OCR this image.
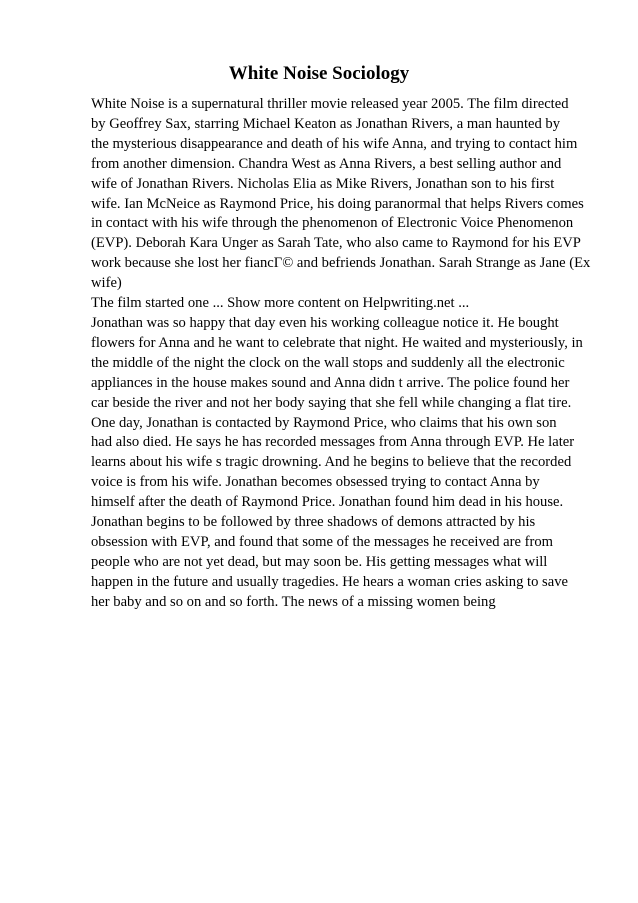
White Noise Sociology
White Noise is a supernatural thriller movie released year 2005. The film directed
by Geoffrey Sax, starring Michael Keaton as Jonathan Rivers, a man haunted by
the mysterious disappearance and death of his wife Anna, and trying to contact him
from another dimension. Chandra West as Anna Rivers, a best selling author and
wife of Jonathan Rivers. Nicholas Elia as Mike Rivers, Jonathan son to his first
wife. Ian McNeice as Raymond Price, his doing paranormal that helps Rivers comes
in contact with his wife through the phenomenon of Electronic Voice Phenomenon
(EVP). Deborah Kara Unger as Sarah Tate, who also came to Raymond for his EVP
work because she lost her fiancГ© and befriends Jonathan. Sarah Strange as Jane (Ex
wife)
The film started one ... Show more content on Helpwriting.net ...
Jonathan was so happy that day even his working colleague notice it. He bought
flowers for Anna and he want to celebrate that night. He waited and mysteriously, in
the middle of the night the clock on the wall stops and suddenly all the electronic
appliances in the house makes sound and Anna didn t arrive. The police found her
car beside the river and not her body saying that she fell while changing a flat tire.
One day, Jonathan is contacted by Raymond Price, who claims that his own son
had also died. He says he has recorded messages from Anna through EVP. He later
learns about his wife s tragic drowning. And he begins to believe that the recorded
voice is from his wife. Jonathan becomes obsessed trying to contact Anna by
himself after the death of Raymond Price. Jonathan found him dead in his house.
Jonathan begins to be followed by three shadows of demons attracted by his
obsession with EVP, and found that some of the messages he received are from
people who are not yet dead, but may soon be. His getting messages what will
happen in the future and usually tragedies. He hears a woman cries asking to save
her baby and so on and so forth. The news of a missing women being
